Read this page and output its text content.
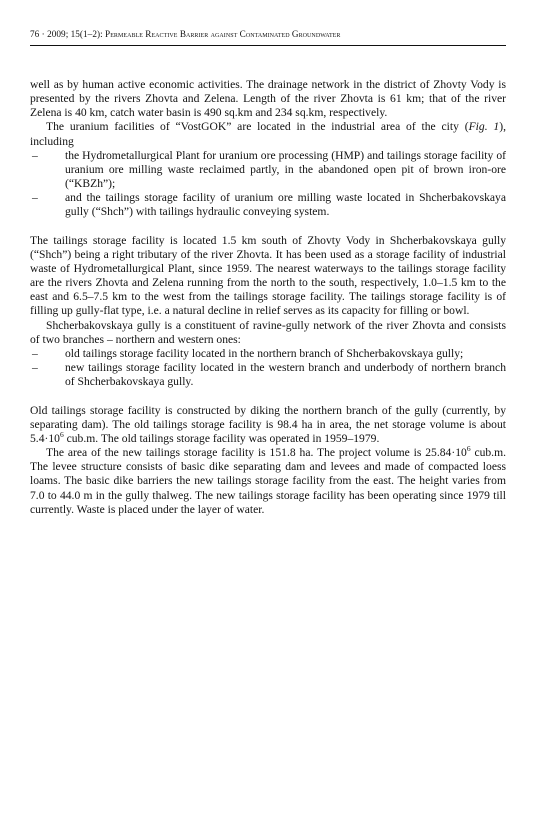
76 · 2009; 15(1–2): Permeable Reactive Barrier against Contaminated Groundwater

well as by human active economic activities. The drainage network in the district of Zhovty Vody is presented by the rivers Zhovta and Zelena. Length of the river Zhovta is 61 km; that of the river Zelena is 40 km, catch water basin is 490 sq.km and 234 sq.km, respectively.

The uranium facilities of “VostGOK” are located in the industrial area of the city (Fig. 1), including

– the Hydrometallurgical Plant for uranium ore processing (HMP) and tailings storage facility of uranium ore milling waste reclaimed partly, in the abandoned open pit of brown iron-ore (“KBZh”);
– and the tailings storage facility of uranium ore milling waste located in Shcherbakovskaya gully (“Shch”) with tailings hydraulic conveying system.

The tailings storage facility is located 1.5 km south of Zhovty Vody in Shcherbakovskaya gully (“Shch”) being a right tributary of the river Zhovta. It has been used as a storage facility of industrial waste of Hydrometallurgical Plant, since 1959. The nearest waterways to the tailings storage facility are the rivers Zhovta and Zelena running from the north to the south, respectively, 1.0–1.5 km to the east and 6.5–7.5 km to the west from the tailings storage facility. The tailings storage facility is of filling up gully-flat type, i.e. a natural decline in relief serves as its capacity for filling or bowl.

Shcherbakovskaya gully is a constituent of ravine-gully network of the river Zhovta and consists of two branches – northern and western ones:

– old tailings storage facility located in the northern branch of Shcherbakovskaya gully;
– new tailings storage facility located in the western branch and underbody of northern branch of Shcherbakovskaya gully.

Old tailings storage facility is constructed by diking the northern branch of the gully (currently, by separating dam). The old tailings storage facility is 98.4 ha in area, the net storage volume is about $5.4\cdot 10^6$ cub.m. The old tailings storage facility was operated in 1959–1979.

The area of the new tailings storage facility is 151.8 ha. The project volume is $25.84\cdot 10^6$ cub.m. The levee structure consists of basic dike separating dam and levees and made of compacted loess loams. The basic dike barriers the new tailings storage facility from the east. The height varies from 7.0 to 44.0 m in the gully thalweg. The new tailings storage facility has been operating since 1979 till currently. Waste is placed under the layer of water.
